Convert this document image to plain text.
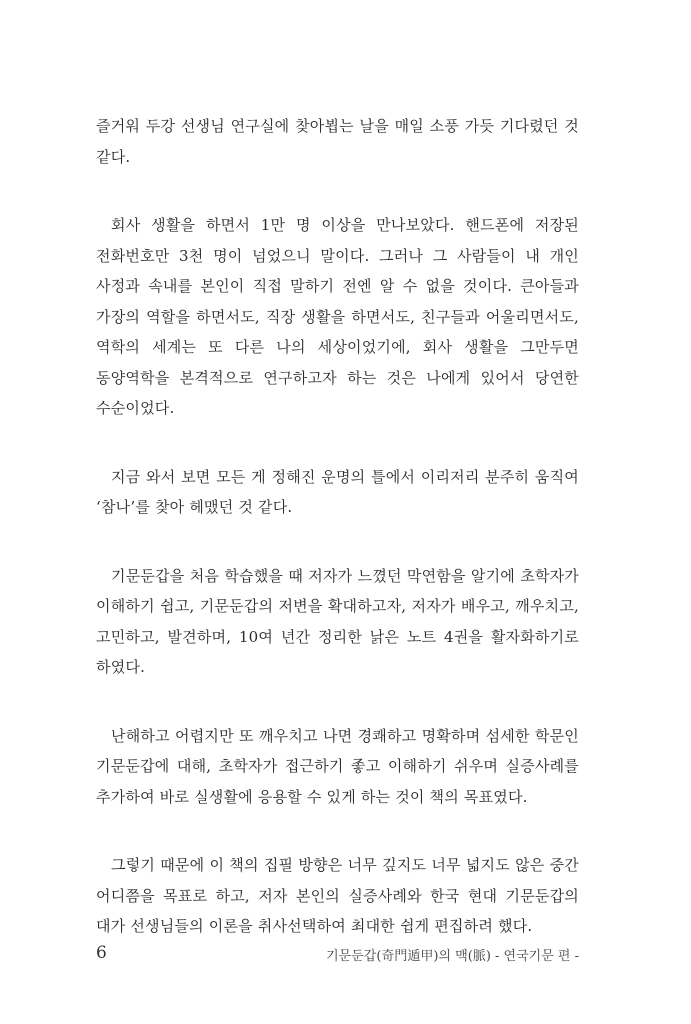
즐거워 두강 선생님 연구실에 찾아뵙는 날을 매일 소풍 가듯 기다렸던 것 같다.

회사 생활을 하면서 1만 명 이상을 만나보았다. 핸드폰에 저장된 전화번호만 3천 명이 넘었으니 말이다. 그러나 그 사람들이 내 개인 사정과 속내를 본인이 직접 말하기 전엔 알 수 없을 것이다. 큰아들과 가장의 역할을 하면서도, 직장 생활을 하면서도, 친구들과 어울리면서도, 역학의 세계는 또 다른 나의 세상이었기에, 회사 생활을 그만두면 동양역학을 본격적으로 연구하고자 하는 것은 나에게 있어서 당연한 수순이었다.

지금 와서 보면 모든 게 정해진 운명의 틀에서 이리저리 분주히 움직여 ‘참나’를 찾아 헤맸던 것 같다.

기문둔갑을 처음 학습했을 때 저자가 느꼈던 막연함을 알기에 초학자가 이해하기 쉽고, 기문둔갑의 저변을 확대하고자, 저자가 배우고, 깨우치고, 고민하고, 발견하며, 10여 년간 정리한 낡은 노트 4권을 활자화하기로 하였다.

난해하고 어렵지만 또 깨우치고 나면 경쾌하고 명확하며 섬세한 학문인 기문둔갑에 대해, 초학자가 접근하기 좋고 이해하기 쉬우며 실증사례를 추가하여 바로 실생활에 응용할 수 있게 하는 것이 책의 목표였다.

그렇기 때문에 이 책의 집필 방향은 너무 깊지도 너무 넓지도 않은 중간 어디쯤을 목표로 하고, 저자 본인의 실증사례와 한국 현대 기문둔갑의 대가 선생님들의 이론을 취사선택하여 최대한 쉽게 편집하려 했다.

6	기문둔갑(奇門遁甲)의 맥(脈) - 연국기문 편 -
